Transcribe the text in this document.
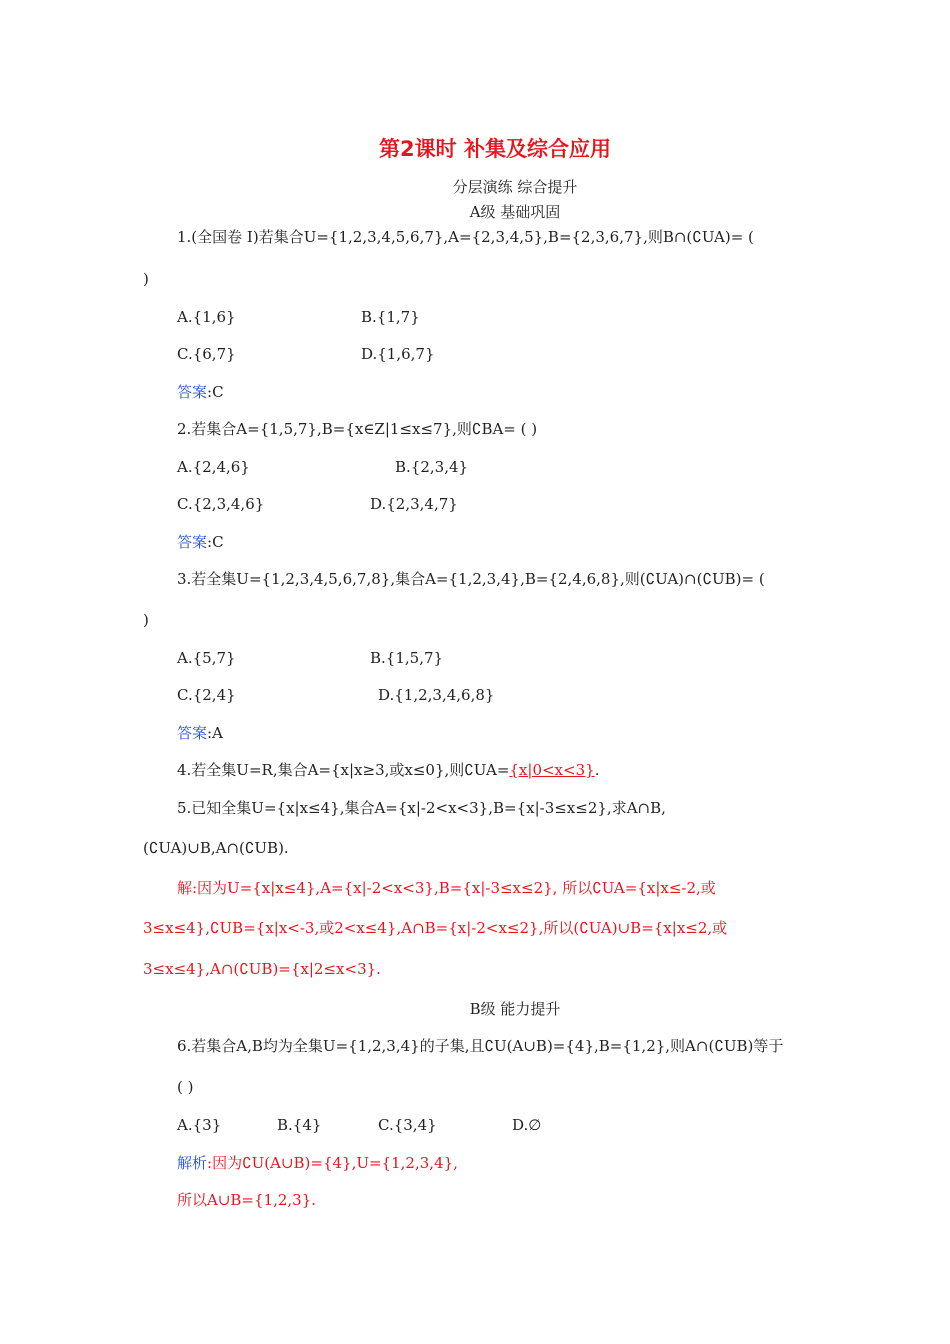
第2课时 补集及综合应用
分层演练 综合提升
A级 基础巩固
1.(全国卷 I)若集合U={1,2,3,4,5,6,7},A={2,3,4,5},B={2,3,6,7},则B∩(∁UA)= (
)
A.{1,6}	B.{1,7}
C.{6,7}	D.{1,6,7}
答案:C
2.若集合A={1,5,7},B={x∈Z|1≤x≤7},则∁BA= ( )
A.{2,4,6}	B.{2,3,4}
C.{2,3,4,6}	D.{2,3,4,7}
答案:C
3.若全集U={1,2,3,4,5,6,7,8},集合A={1,2,3,4},B={2,4,6,8},则(∁UA)∩(∁UB)= (
)
A.{5,7}	B.{1,5,7}
C.{2,4}	D.{1,2,3,4,6,8}
答案:A
4.若全集U=R,集合A={x|x≥3,或x≤0},则∁UA={x|0<x<3}.
5.已知全集U={x|x≤4},集合A={x|-2<x<3},B={x|-3≤x≤2},求A∩B,
(∁UA)∪B,A∩(∁UB).
解:因为U={x|x≤4},A={x|-2<x<3},B={x|-3≤x≤2}, 所以∁UA={x|x≤-2,或
3≤x≤4},∁UB={x|x<-3,或2<x≤4},A∩B={x|-2<x≤2},所以(∁UA)∪B={x|x≤2,或
3≤x≤4},A∩(∁UB)={x|2≤x<3}.
B级 能力提升
6.若集合A,B均为全集U={1,2,3,4}的子集,且∁U(A∪B)={4},B={1,2},则A∩(∁UB)等于
( )
A.{3}	B.{4}	C.{3,4}	D.∅
解析:因为∁U(A∪B)={4},U={1,2,3,4},
所以A∪B={1,2,3}.
